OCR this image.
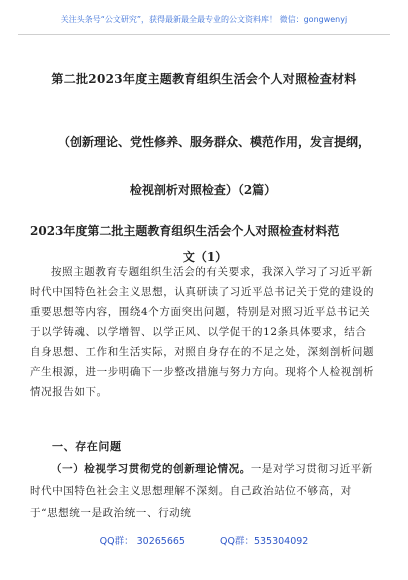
关注头条号“公文研究”，获得最新最全最专业的公文资料库！ 微信：gongwenyj
第二批2023年度主题教育组织生活会个人对照检查材料
（创新理论、党性修养、服务群众、模范作用，发言提纲，
检视剖析对照检查）（2篇）
2023年度第二批主题教育组织生活会个人对照检查材料范
文（1）

按照主题教育专题组织生活会的有关要求，我深入学习了习近平新时代中国特色社会主义思想，认真研读了习近平总书记关于党的建设的重要思想等内容，围绕4个方面突出问题，特别是对照习近平总书记关于以学铸魂、以学增智、以学正风、以学促干的12条具体要求，结合自身思想、工作和生活实际，对照自身存在的不足之处，深刻剖析问题产生根源，进一步明确下一步整改措施与努力方向。现将个人检视剖析情况报告如下。

一、存在问题

（一）检视学习贯彻党的创新理论情况。一是对学习贯彻习近平新时代中国特色社会主义思想理解不深刻。自己政治站位不够高，对于“思想统一是政治统一、行动统

QQ群： 30265665	QQ群：535304092
